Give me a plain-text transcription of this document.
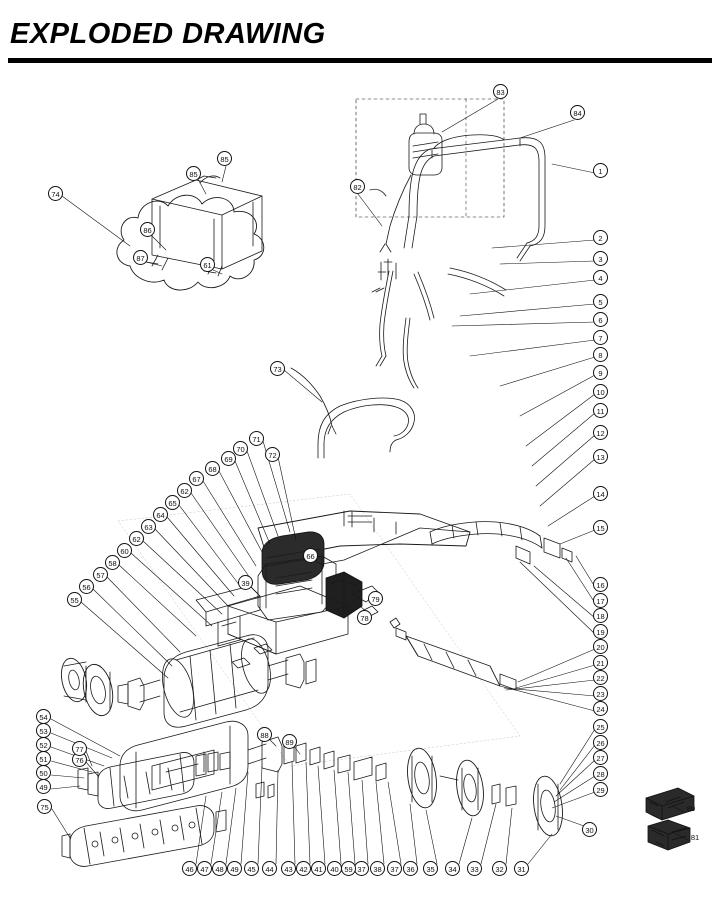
EXPLODED DRAWING
1
2
3
4
5
6
7
8
9
10
11
12
13
14
15
16
17
18
19
20
21
22
23
24
25
26
27
28
29
30
31
32
33
34
35
36
37
38
37
59
40
41
42
43
44
45
49
48
47
46
54
53
52
51
50
49
55
56
57
58
60
62
63
64
65
62
67
68
69
70
71
72
73
74
75
76
77
78
79
80
81
82
83
84
85
85
86
87
61
66
39
88
89
